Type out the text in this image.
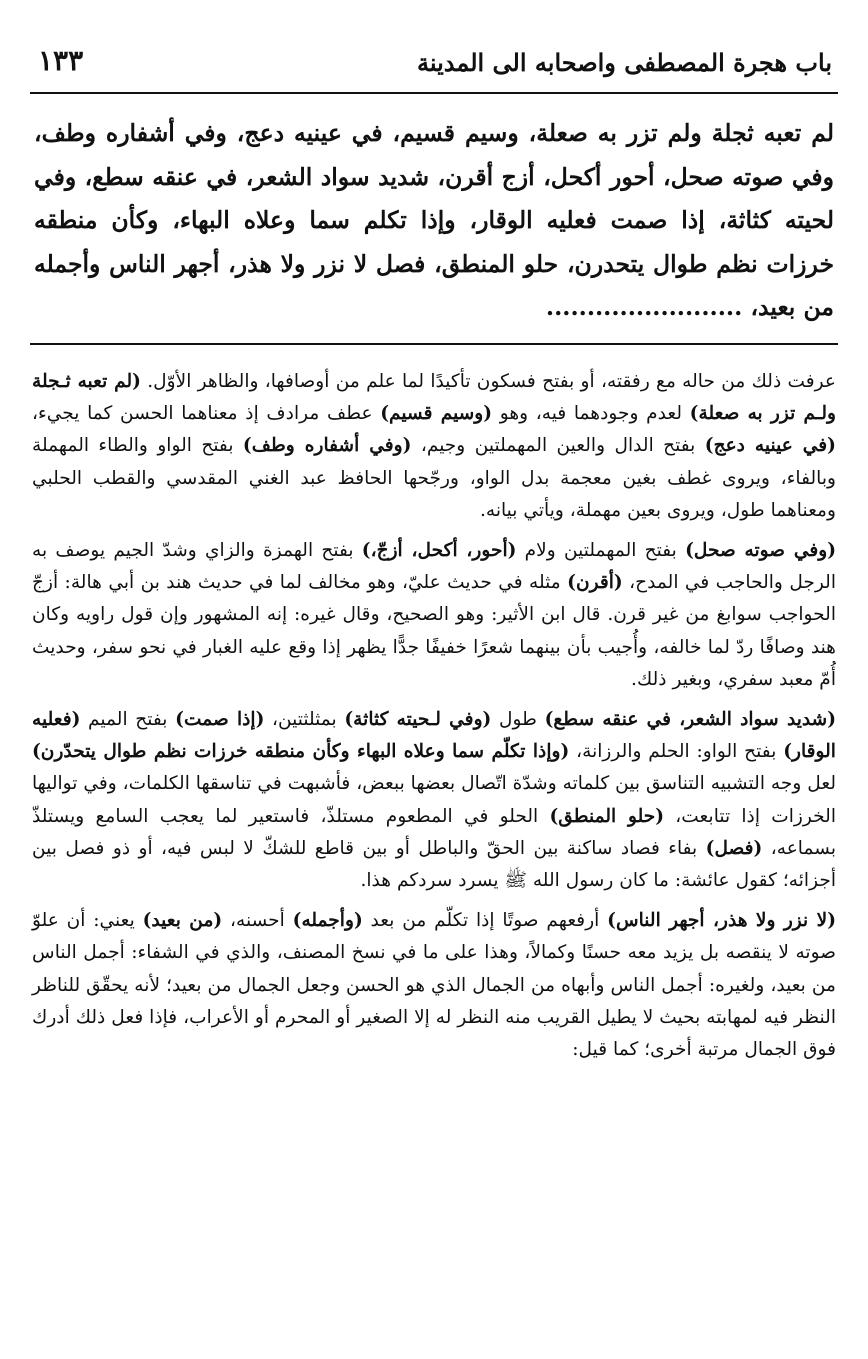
باب هجرة المصطفى واصحابه الى المدينة
١٣٣
لم تعبه ثجلة ولم تزر به صعلة، وسيم قسيم، في عينيه دعج، وفي أشفاره وطف، وفي صوته صحل، أحور أكحل، أزج أقرن، شديد سواد الشعر، في عنقه سطع، وفي لحيته كثاثة، إذا صمت فعليه الوقار، وإذا تكلم سما وعلاه البهاء، وكأن منطقه خرزات نظم طوال يتحدرن، حلو المنطق، فصل لا نزر ولا هذر، أجهر الناس وأجمله من بعيد، ........................

عرفت ذلك من حاله مع رفقته، أو بفتح فسكون تأكيدًا لما علم من أوصافها، والظاهر الأوّل. (لم تعبه ثـجلة ولـم تزر به صعلة) لعدم وجودهما فيه، وهو (وسيم قسيم) عطف مرادف إذ معناهما الحسن كما يجيء، (في عينيه دعج) بفتح الدال والعين المهملتين وجيم، (وفي أشفاره وطف) بفتح الواو والطاء المهملة وبالفاء، ويروى غطف بغين معجمة بدل الواو، ورجّحها الحافظ عبد الغني المقدسي والقطب الحلبي ومعناهما طول، ويروى بعين مهملة، ويأتي بيانه.

(وفي صوته صحل) بفتح المهملتين ولام (أحور، أكحل، أزجّ،) بفتح الهمزة والزاي وشدّ الجيم يوصف به الرجل والحاجب في المدح، (أقرن) مثله في حديث عليّ، وهو مخالف لما في حديث هند بن أبي هالة: أزجّ الحواجب سوابغ من غير قرن. قال ابن الأثير: وهو الصحيح، وقال غيره: إنه المشهور وإن قول راويه وكان هند وصافًا ردّ لما خالفه، وأُجيب بأن بينهما شعرًا خفيفًا جدًّا يظهر إذا وقع عليه الغبار في نحو سفر، وحديث أُمّ معبد سفري، وبغير ذلك.

(شديد سواد الشعر، في عنقه سطع) طول (وفي لـحيته كثاثة) بمثلثتين، (إذا صمت) بفتح الميم (فعليه الوقار) بفتح الواو: الحلم والرزانة، (وإذا تكلّم سما وعلاه البهاء وكأن منطقه خرزات نظم طوال يتحدّرن) لعل وجه التشبيه التناسق بين كلماته وشدّة اتّصال بعضها ببعض، فأشبهت في تناسقها الكلمات، وفي تواليها الخرزات إذا تتابعت، (حلو المنطق) الحلو في المطعوم مستلذّ، فاستعير لما يعجب السامع ويستلذّ بسماعه، (فصل) بفاء فصاد ساكنة بين الحقّ والباطل أو بين قاطع للشكّ لا لبس فيه، أو ذو فصل بين أجزائه؛ كقول عائشة: ما كان رسول الله ﷺ يسرد سردكم هذا.

(لا نزر ولا هذر، أجهر الناس) أرفعهم صوتًا إذا تكلّم من بعد (وأجمله) أحسنه، (من بعيد) يعني: أن علوّ صوته لا ينقصه بل يزيد معه حسنًا وكمالاً، وهذا على ما في نسخ المصنف، والذي في الشفاء: أجمل الناس من بعيد، ولغيره: أجمل الناس وأبهاه من الجمال الذي هو الحسن وجعل الجمال من بعيد؛ لأنه يحقّق للناظر النظر فيه لمهابته بحيث لا يطيل القريب منه النظر له إلا الصغير أو المحرم أو الأعراب، فإذا فعل ذلك أدرك فوق الجمال مرتبة أخرى؛ كما قيل:
